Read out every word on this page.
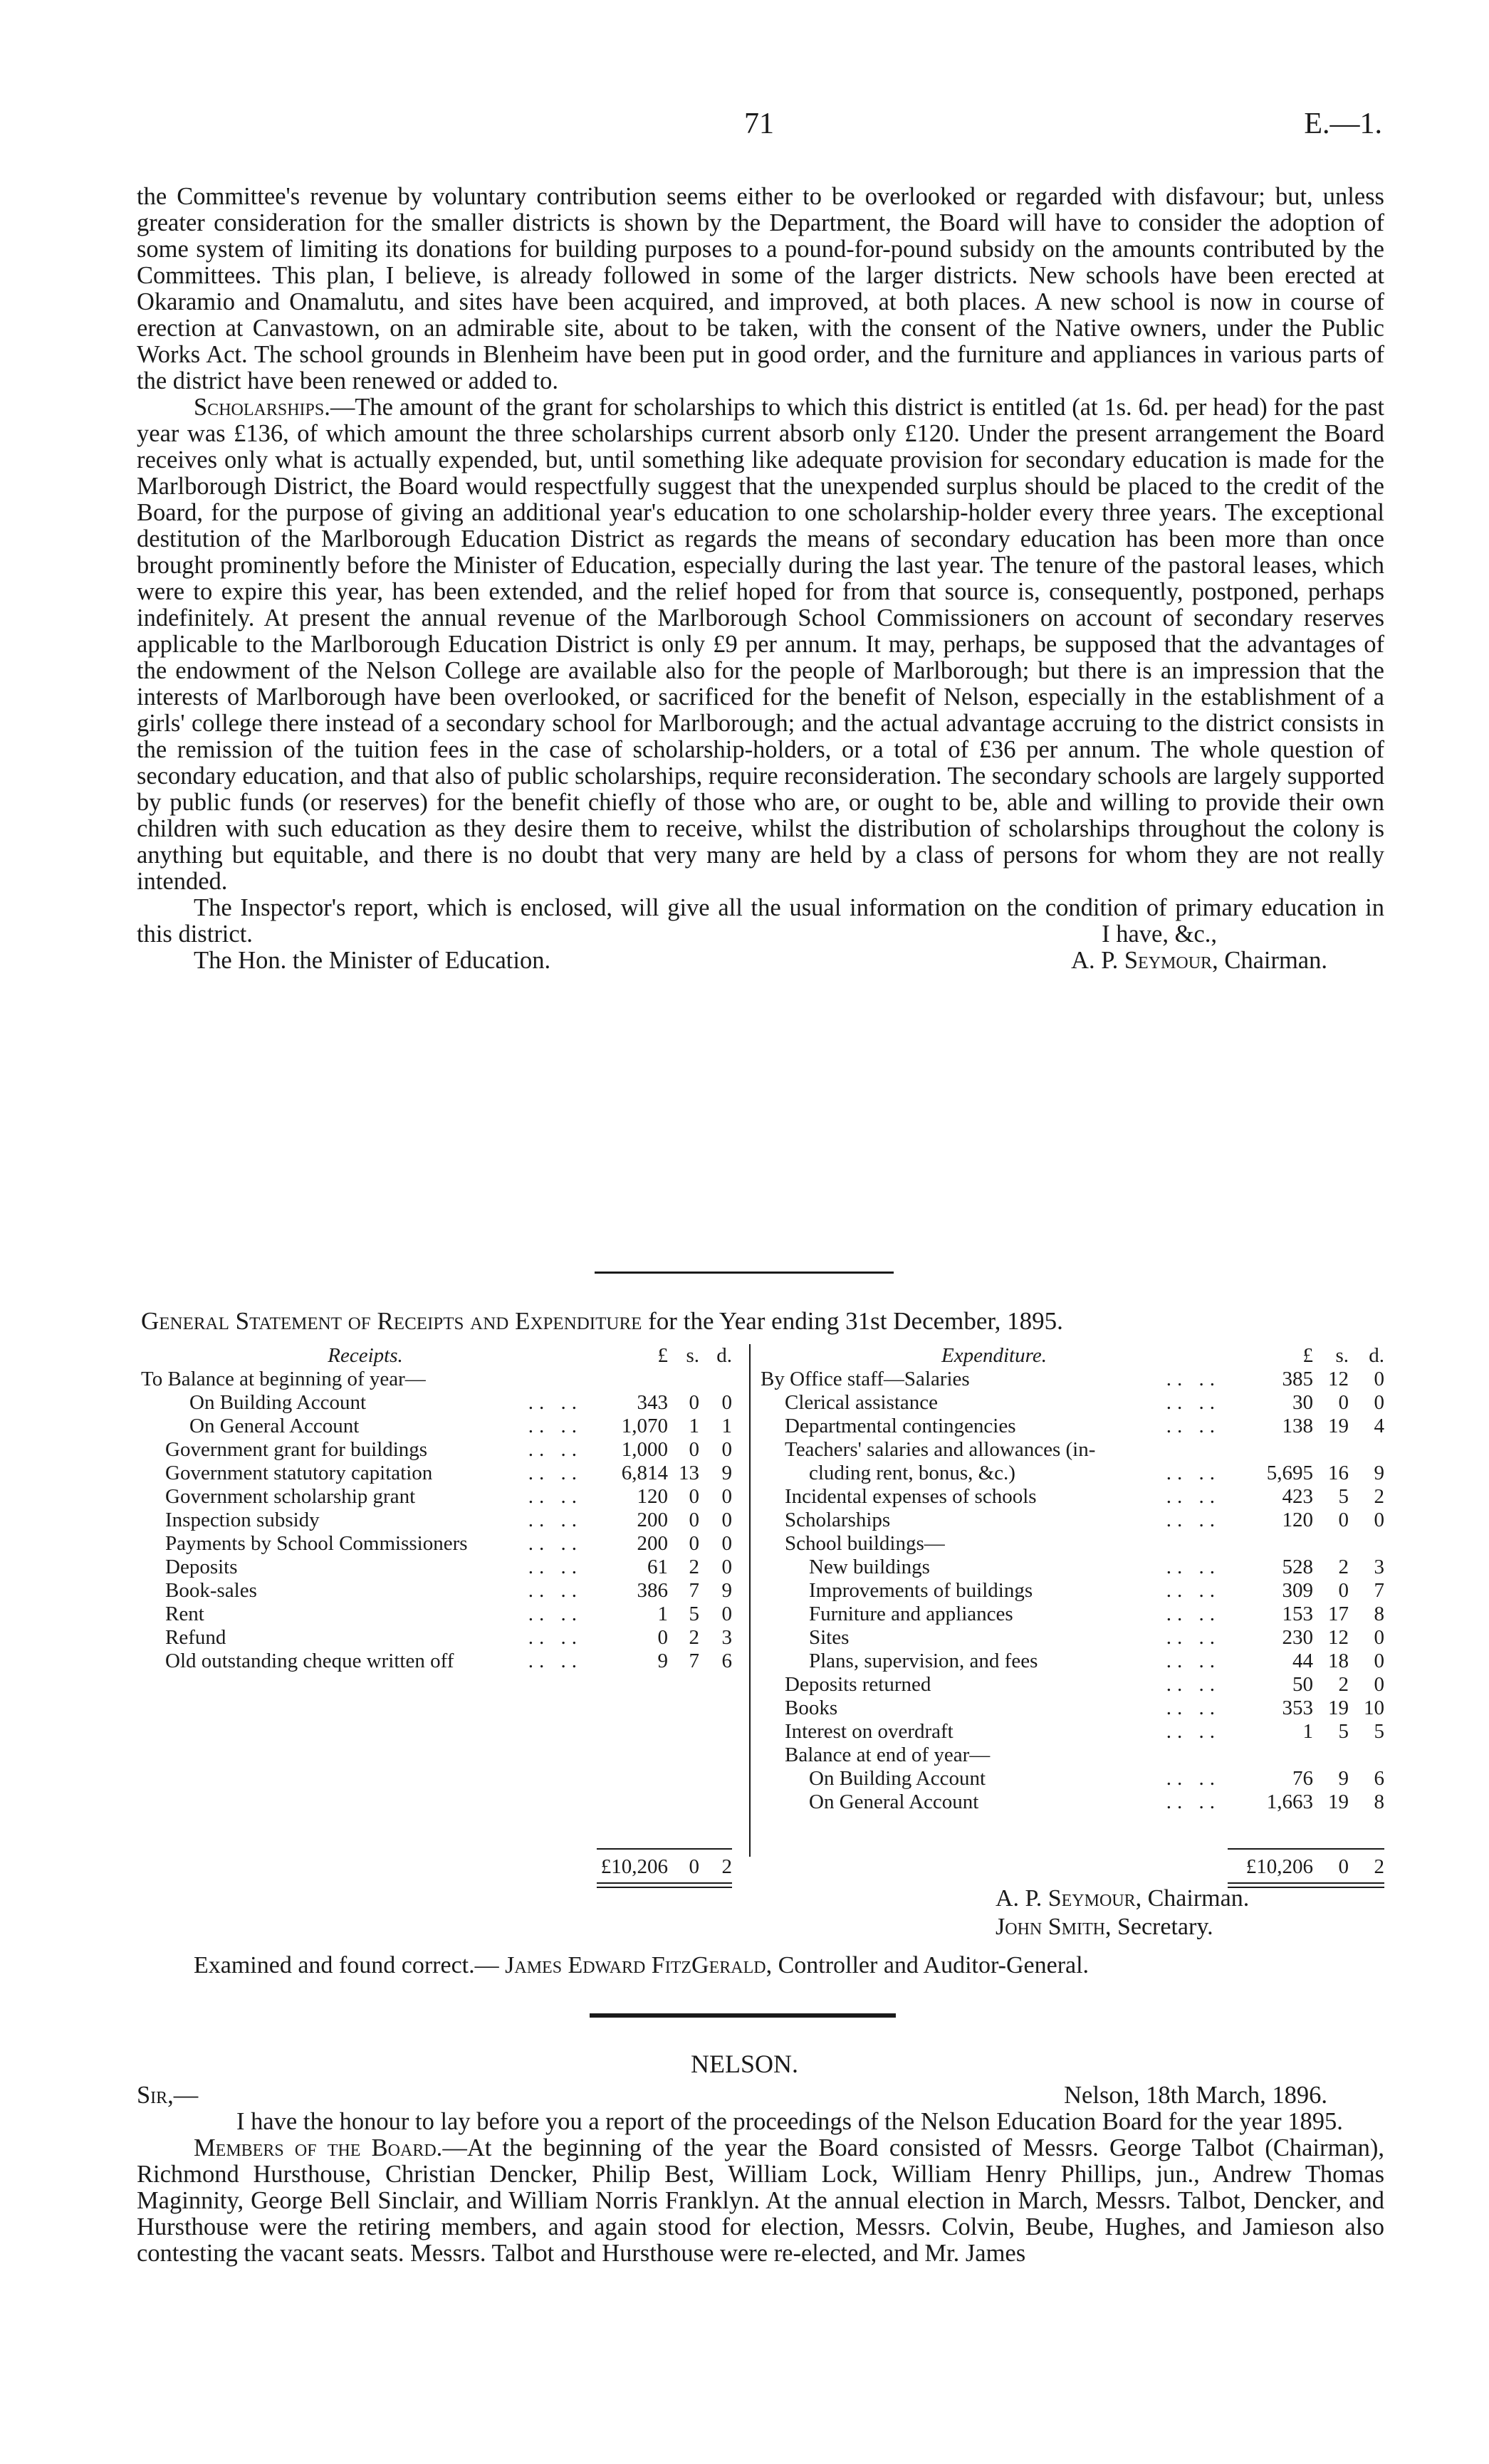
71	E.—1.

the Committee's revenue by voluntary contribution seems either to be overlooked or regarded with disfavour; but, unless greater consideration for the smaller districts is shown by the Department, the Board will have to consider the adoption of some system of limiting its donations for building purposes to a pound-for-pound subsidy on the amounts contributed by the Committees. This plan, I believe, is already followed in some of the larger districts. New schools have been erected at Okaramio and Onamalutu, and sites have been acquired, and improved, at both places. A new school is now in course of erection at Canvastown, on an admirable site, about to be taken, with the consent of the Native owners, under the Public Works Act. The school grounds in Blenheim have been put in good order, and the furniture and appliances in various parts of the district have been renewed or added to.

Scholarships.—The amount of the grant for scholarships to which this district is entitled (at 1s. 6d. per head) for the past year was £136, of which amount the three scholarships current absorb only £120. Under the present arrangement the Board receives only what is actually expended, but, until something like adequate provision for secondary education is made for the Marlborough District, the Board would respectfully suggest that the unexpended surplus should be placed to the credit of the Board, for the purpose of giving an additional year's education to one scholarship-holder every three years. The exceptional destitution of the Marlborough Education District as regards the means of secondary education has been more than once brought prominently before the Minister of Education, especially during the last year. The tenure of the pastoral leases, which were to expire this year, has been extended, and the relief hoped for from that source is, consequently, postponed, perhaps indefinitely. At present the annual revenue of the Marlborough School Commissioners on account of secondary reserves applicable to the Marlborough Education District is only £9 per annum. It may, perhaps, be supposed that the advantages of the endowment of the Nelson College are available also for the people of Marlborough; but there is an impression that the interests of Marlborough have been overlooked, or sacrificed for the benefit of Nelson, especially in the establishment of a girls' college there instead of a secondary school for Marlborough; and the actual advantage accruing to the district consists in the remission of the tuition fees in the case of scholarship-holders, or a total of £36 per annum. The whole question of secondary education, and that also of public scholarships, require reconsideration. The secondary schools are largely supported by public funds (or reserves) for the benefit chiefly of those who are, or ought to be, able and willing to provide their own children with such education as they desire them to receive, whilst the distribution of scholarships throughout the colony is anything but equitable, and there is no doubt that very many are held by a class of persons for whom they are not really intended.

The Inspector's report, which is enclosed, will give all the usual information on the condition of primary education in this district.	I have, &c.,

The Hon. the Minister of Education.	A. P. Seymour, Chairman.
General Statement of Receipts and Expenditure for the Year ending 31st December, 1895.
Receipts.	£	s.	d.
To Balance at beginning of year—			
On Building Account .. ..	343	0	0
On General Account .. ..	1,070	1	1
Government grant for buildings .. ..	1,000	0	0
Government statutory capitation .. ..	6,814	13	9
Government scholarship grant .. ..	120	0	0
Inspection subsidy .. ..	200	0	0
Payments by School Commissioners .. ..	200	0	0
Deposits .. ..	61	2	0
Book-sales .. ..	386	7	9
Rent .. ..	1	5	0
Refund .. ..	0	2	3
Old outstanding cheque written off .. ..	9	7	6
£10,206	0	2
Expenditure.	£	s.	d.
By Office staff—Salaries .. ..	385	12	0
Clerical assistance .. ..	30	0	0
Departmental contingencies .. ..	138	19	4
Teachers' salaries and allowances (in-			
cluding rent, bonus, &c.) .. ..	5,695	16	9
Incidental expenses of schools .. ..	423	5	2
Scholarships .. ..	120	0	0
School buildings—			
New buildings .. ..	528	2	3
Improvements of buildings .. ..	309	0	7
Furniture and appliances .. ..	153	17	8
Sites .. ..	230	12	0
Plans, supervision, and fees .. ..	44	18	0
Deposits returned .. ..	50	2	0
Books .. ..	353	19	10
Interest on overdraft .. ..	1	5	5
Balance at end of year—			
On Building Account .. ..	76	9	6
On General Account .. ..	1,663	19	8
£10,206	0	2
A. P. Seymour, Chairman.
John Smith, Secretary.
Examined and found correct.— James Edward FitzGerald, Controller and Auditor-General.
NELSON.
Sir,—	Nelson, 18th March, 1896.

I have the honour to lay before you a report of the proceedings of the Nelson Education Board for the year 1895.

Members of the Board.—At the beginning of the year the Board consisted of Messrs. George Talbot (Chairman), Richmond Hursthouse, Christian Dencker, Philip Best, William Lock, William Henry Phillips, jun., Andrew Thomas Maginnity, George Bell Sinclair, and William Norris Franklyn. At the annual election in March, Messrs. Talbot, Dencker, and Hursthouse were the retiring members, and again stood for election, Messrs. Colvin, Beube, Hughes, and Jamieson also contesting the vacant seats. Messrs. Talbot and Hursthouse were re-elected, and Mr. James
